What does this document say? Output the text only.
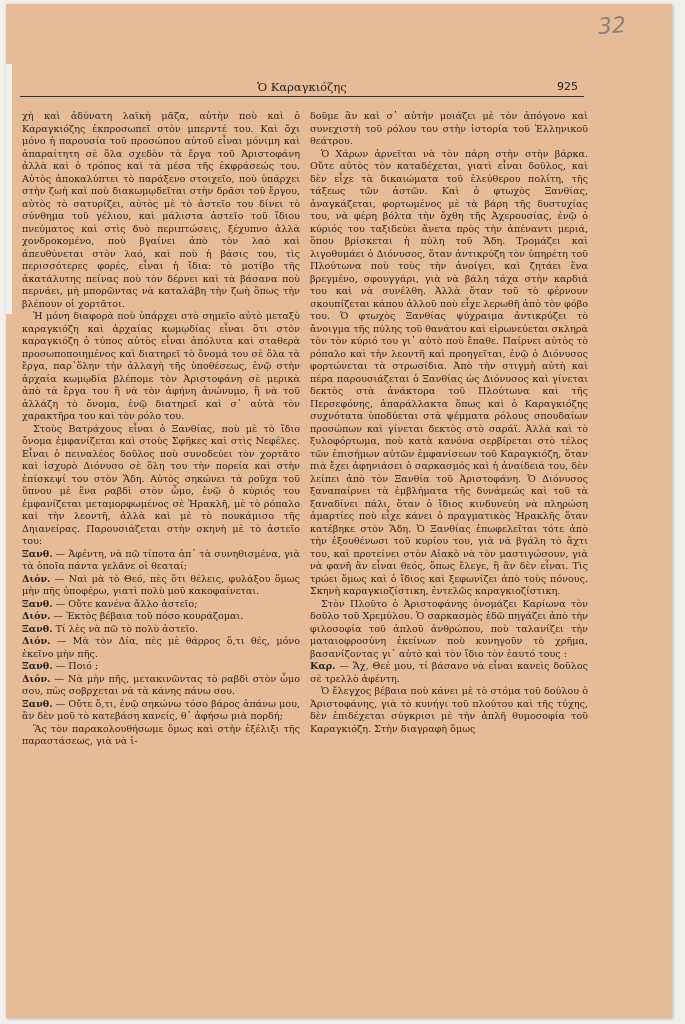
32
Ὁ Καραγκιόζης	925

χὴ καὶ ἀδύνατη λαϊκὴ μᾶζα, αὐτὴν ποὺ καὶ ὁ Καραγκιόζης ἐκπροσωπεῖ στὸν μπερντέ του. Καὶ ὄχι μόνο ἡ παρουσία τοῦ προσώπου αὐτοῦ εἶναι μόνιμη καὶ ἀπαραίτητη σὲ ὅλα σχεδὸν τὰ ἔργα τοῦ Ἀριστοφάνη ἀλλὰ καὶ ὁ τρόπος καὶ τὰ μέσα τῆς ἐκφράσεώς του. Αὐτὸς ἀποκαλύπτει τὸ παράξενο στοιχεῖο, ποὺ ὑπάρχει στὴν ζωὴ καὶ ποὺ διακωμῳδεῖται στὴν δρᾶσι τοῦ ἔργου, αὐτὸς τὸ σατυρίζει, αὐτὸς μὲ τὸ ἀστεῖο του δίνει τὸ σύνθημα τοῦ γέλιου, καὶ μάλιστα ἀστεῖο τοῦ ἴδιου πνεύματος καὶ στὶς δυὸ περιπτώσεις, ξέχυπνο ἀλλὰ χονδροκομένο, ποὺ βγαίνει ἀπὸ τὸν λαὸ καὶ ἀπευθύνεται στὸν λαό, καὶ ποὺ ἡ βάσις του, τὶς περισσότερες φορές, εἶναι ἡ ἴδια: τὸ μοτίβο τῆς ἀκατάλυτης πείνας ποὺ τὸν δέρνει καὶ τὰ βάσανα ποὺ περνάει, μὴ μπορῶντας νὰ καταλάβη τὴν ζωὴ ὅπως τὴν βλέπουν οἱ χορτᾶτοι.

Ἡ μόνη διαφορὰ ποὺ ὑπάρχει στὸ σημεῖο αὐτὸ μεταξὺ καραγκιόζη καὶ ἀρχαίας κωμῳδίας εἶναι ὅτι στὸν καραγκιόζη ὁ τύπος αὐτὸς εἶναι ἀπόλυτα καὶ σταθερὰ προσωποποιημένος καὶ διατηρεῖ τὸ ὄνομά του σὲ ὅλα τὰ ἔργα, παρ᾽ὅλην τὴν ἀλλαγὴ τῆς ὑποθέσεως, ἐνῷ στὴν ἀρχαία κωμῳδία βλέπομε τὸν Ἀριστοφάνη σὲ μερικὰ ἀπὸ τὰ ἔργα του ἢ νὰ τὸν ἀφήνη ἀνώνυμο, ἢ νὰ τοῦ ἀλλάζη τὸ ὄνομα, ἐνῷ διατηρεῖ καὶ σ᾽ αὐτὰ τὸν χαρακτῆρα του καὶ τὸν ρόλο του.

Στοὺς Βατράχους εἶναι ὁ Ξανθίας, ποὺ μὲ τὸ ἴδιο ὄνομα ἐμφανίζεται καὶ στοὺς Σφῆκες καὶ στὶς Νεφέλες. Εἶναι ὁ πειναλέος δοῦλος ποὺ συνοδεύει τὸν χορτᾶτο καὶ ἰσχυρὸ Διόνυσο σὲ ὅλη του τὴν πορεία καὶ στὴν ἐπίσκεψί του στὸν Ἅδη. Αὐτὸς σηκώνει τὰ ροῦχα τοῦ ὕπνου μὲ ἕνα ραβδὶ στὸν ὦμο, ἐνῷ ὁ κύριός του ἐμφανίζεται μεταμορφωμένος σὲ Ἡρακλῆ, μὲ τὸ ρόπαλο καὶ τὴν λεοντῆ, ἀλλὰ καὶ μὲ τὸ πουκάμισο τῆς Δηιανείρας. Παρουσιάζεται στὴν σκηνὴ μὲ τὸ ἀστεῖο του:

Ξανθ. — Ἀφέντη, νὰ πῶ τίποτα ἀπ᾽ τὰ συνηθισμένα, γιὰ τὰ ὁποῖα πάντα γελᾶνε οἱ θεαταί;

Διόν. — Ναὶ μὰ τὸ Θεό, πὲς ὅτι θέλεις, φυλάξου ὅμως μὴν πῆς ὑποφέρω, γιατὶ πολὺ μοῦ κακοφαίνεται.

Ξανθ. — Οὔτε κανένα ἄλλο ἀστεῖο;

Διόν. — Ἐκτὸς βέβαια τοῦ πόσο κουράζομαι.

Ξανθ. Τί λὲς νὰ πῶ τὸ πολὺ ἀστεῖο.

Διόν. — Μὰ τὸν Δία, πὲς μὲ θάρρος ὅ,τι θές, μόνο ἐκεῖνο μὴν πῆς.

Ξανθ. — Ποιό ;

Διόν. — Νὰ μὴν πῆς, μετακινῶντας τὸ ραβδὶ στὸν ὦμο σου, πὼς σοβρχεται νὰ τὰ κάνης πάνω σου.

Ξανθ. — Οὔτε ὅ,τι, ἐνῷ σηκώνω τόσο βάρος ἀπάνω μου, ἂν δὲν μοῦ τὸ κατεβάση κανείς, θ᾽ ἀφήσω μιὰ πορδή;

Ἂς τὸν παρακολουθήσωμε ὅμως καὶ στὴν ἐξέλιξι τῆς παραστάσεως, γιὰ νὰ ἰ-

δοῦμε ἂν καὶ σ᾽ αὐτὴν μοιάζει μὲ τὸν ἀπόγονο καὶ συνεχιστὴ τοῦ ρόλου του στὴν ἱστορία τοῦ Ἑλληνικοῦ θεάτρου.

Ὁ Χάρων ἀρνεῖται νὰ τὸν πάρη στὴν στὴν βάρκα. Οὔτε αὐτὸς τὸν καταδέχεται, γιατὶ εἶναι δοῦλος, καὶ δὲν εἶχε τὰ δικαιώματα τοῦ ἐλεύθερου πολίτη, τῆς τάξεως τῶν ἀστῶν. Καὶ ὁ φτωχὸς Ξανθίας, ἀναγκάζεται, φορτωμένος μὲ τὰ βάρη τῆς δυστυχίας του, νὰ φέρη βόλτα τὴν ὄχθη τῆς Ἀχερουσίας, ἐνῷ ὁ κύριός του ταξιδεύει ἄνετα πρὸς τὴν ἀπέναντι μεριά, ὅπου βρίσκεται ἡ πύλη τοῦ Ἅδη. Τρομάζει καὶ λιγοθυμάει ὁ Διόνυσος, ὅταν ἀντικρύζη τὸν ὑπηρέτη τοῦ Πλούτωνα ποὺ τοὺς τὴν ἀνοίγει, καὶ ζητάει ἕνα βρεγμένο, σφουγγάρι, γιὰ νὰ βάλη τάχα στὴν καρδιά του καὶ νὰ συνέλθη. Ἀλλὰ ὅταν τοῦ τὸ φέρνουν σκουπίζεται κάπου ἀλλοῦ ποὺ εἶχε λερωθῆ ἀπὸ τὸν φόβο του. Ὁ φτωχὸς Ξανθίας ψύχραιμα ἀντικρύζει τὸ ἄνοιγμα τῆς πύλης τοῦ θανάτου καὶ εἰρωνεύεται σκληρὰ τὸν τὸν κύριό του γι᾽ αὐτὸ ποὺ ἔπαθε. Παίρνει αὐτὸς τὸ ρόπαλο καὶ τὴν λεοντῆ καὶ προηγεῖται, ἐνῷ ὁ Διόνυσος φορτώνεται τὰ στρωσίδια. Ἀπὸ τὴν στιγμὴ αὐτὴ καὶ πέρα παρουσιάζεται ὁ Ξανθίας ὡς Διόνυσος καὶ γίνεται δεκτὸς στὰ ἀνάκτορα τοῦ Πλούτωνα καὶ τῆς Περσεφόνης, ἀπαράλλακτα ὅπως καὶ ὁ Καραγκιόζης συχνότατα ὑποδύεται στὰ ψέμματα ρόλους σπουδαίων προσώπων καὶ γίνεται δεκτὸς στὸ σαράϊ. Ἀλλὰ καὶ τὸ ξυλοφόρτωμα, ποὺ κατὰ κανόνα σερβίρεται στὸ τέλος τῶν ἐπισήμων αὐτῶν ἐμφανίσεων τοῦ Καραγκιόζη, ὅταν πιὰ ἔχει ἀφηνιάσει ὁ σαρκασμός καὶ ἡ ἀναίδειά του, δὲν λείπει ἀπὸ τὸν Ξανθία τοῦ Ἀριστοφάνη. Ὁ Διόνυσος ξαναπαίρνει τὰ ἐμβλήματα τῆς δυνάμεώς καὶ τοῦ τὰ ξαναδίνει πάλι, ὅταν ὁ ἴδιος κινδυνεύη νὰ πληρώση ἁμαρτίες ποὺ εἶχε κάνει ὁ πραγματικὸς Ἡρακλῆς ὅταν κατέβηκε στὸν Ἅδη. Ὁ Ξανθίας ἐπωφελεῖται τότε ἀπὸ τὴν ἐξουθένωσι τοῦ κυρίου του, γιὰ νὰ βγάλη τὸ ἄχτι του, καὶ προτείνει στὸν Αἰακὸ νὰ τὸν μαστιγώσουν, γιὰ νὰ φανῆ ἂν εἶναι θεός, ὅπως ἔλεγε, ἢ ἂν δὲν εἶναι. Τὶς τρώει ὅμως καὶ ὁ ἴδιος καὶ ξεφωνίζει ἀπὸ τοὺς πόνους. Σκηνὴ καραγκιοζίστικη, ἐντελῶς καραγκιοζίστικη.

Στὸν Πλοῦτο ὁ Ἀριστοφάνης ὀνομάζει Καρίωνα τὸν δοῦλο τοῦ Χρεμύλου. Ὁ σαρκασμὸς ἐδῶ πηγάζει ἀπὸ τὴν φιλοσοφία τοῦ ἁπλοῦ ἀνθρώπου, ποὺ ταλανίζει τὴν ματαιοφροσύνη ἐκείνων ποὺ κυνηγοῦν τὸ χρῆμα, βασανίζοντας γι᾽ αὐτὸ καὶ τὸν ἴδιο τὸν ἑαυτό τους :

Καρ. — Ἄχ, Θεέ μου, τί βάσανο νὰ εἶναι κανεὶς δοῦλος σὲ τρελλὸ ἀφέντη.

Ὁ ἔλεγχος βέβαια ποὺ κάνει μὲ τὸ στόμα τοῦ δούλου ὁ Ἀριστοφάνης, γιὰ τὸ κυνήγι τοῦ πλούτου καὶ τῆς τύχης, δὲν ἐπιδέχεται σύγκρισι μὲ τὴν ἁπλῆ θυμοσοφία τοῦ Καραγκιόζη. Στὴν διαγραφὴ ὅμως
